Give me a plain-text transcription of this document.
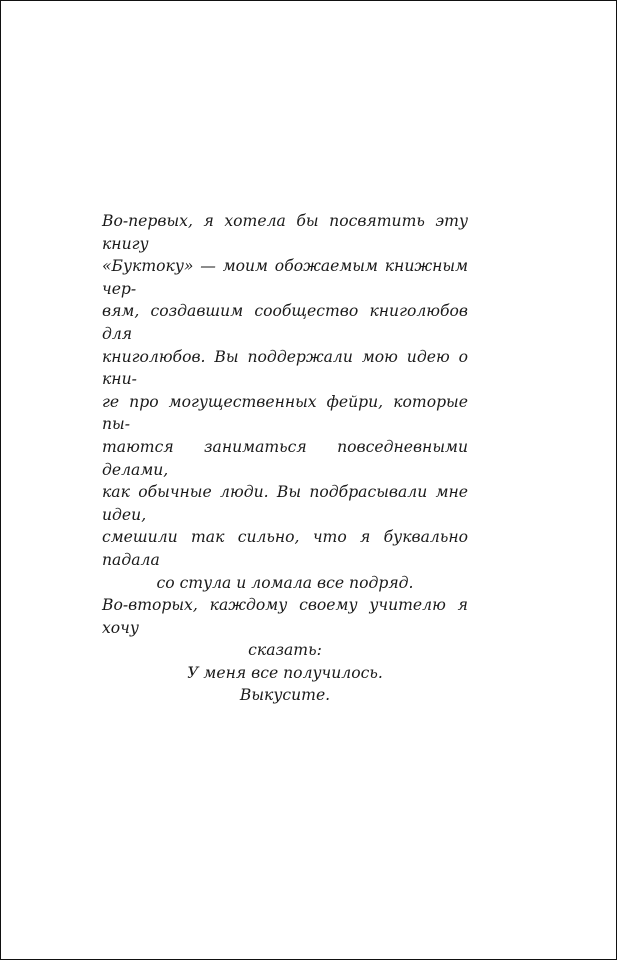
Во-первых, я хотела бы посвятить эту книгу
«Буктоку» — моим обожаемым книжным чер-
вям, создавшим сообщество книголюбов для
книголюбов. Вы поддержали мою идею о кни-
ге про могущественных фейри, которые пы-
таются заниматься повседневными делами,
как обычные люди. Вы подбрасывали мне идеи,
смешили так сильно, что я буквально падала
со стула и ломала все подряд.
Во-вторых, каждому своему учителю я хочу
сказать:
У меня все получилось.
Выкусите.
